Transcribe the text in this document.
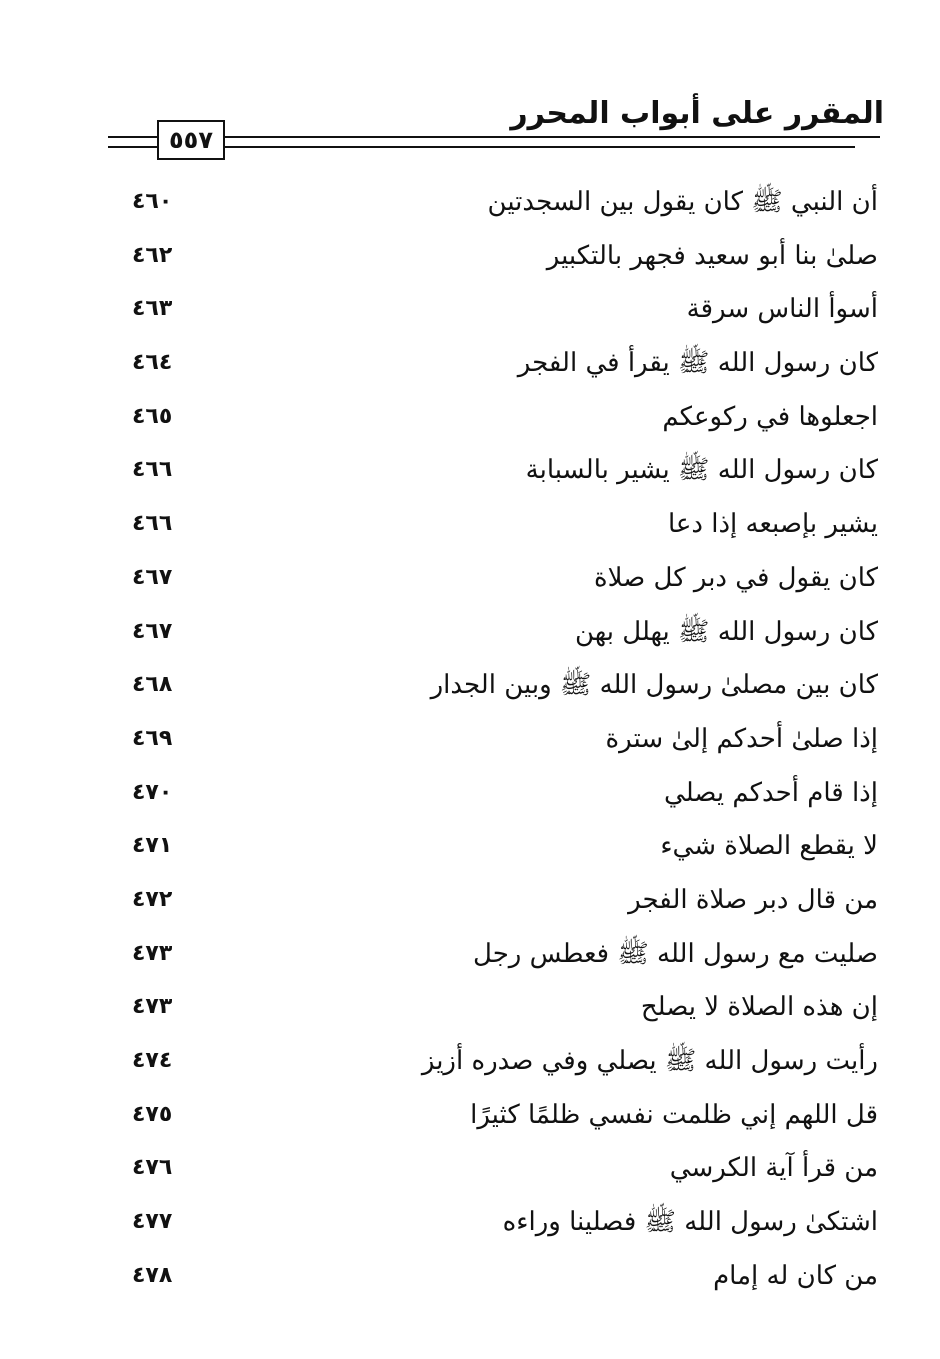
المقرر على أبواب المحرر
٥٥٧
أن النبي ﷺ كان يقول بين السجدتين
٤٦٠
صلىٰ بنا أبو سعيد فجهر بالتكبير
٤٦٢
أسوأ الناس سرقة
٤٦٣
كان رسول الله ﷺ يقرأ في الفجر
٤٦٤
اجعلوها في ركوعكم
٤٦٥
كان رسول الله ﷺ يشير بالسبابة
٤٦٦
يشير بإصبعه إذا دعا
٤٦٦
كان يقول في دبر كل صلاة
٤٦٧
كان رسول الله ﷺ يهلل بهن
٤٦٧
كان بين مصلىٰ رسول الله ﷺ وبين الجدار
٤٦٨
إذا صلىٰ أحدكم إلىٰ سترة
٤٦٩
إذا قام أحدكم يصلي
٤٧٠
لا يقطع الصلاة شيء
٤٧١
من قال دبر صلاة الفجر
٤٧٢
صليت مع رسول الله ﷺ فعطس رجل
٤٧٣
إن هذه الصلاة لا يصلح
٤٧٣
رأيت رسول الله ﷺ يصلي وفي صدره أزيز
٤٧٤
قل اللهم إني ظلمت نفسي ظلمًا كثيرًا
٤٧٥
من قرأ آية الكرسي
٤٧٦
اشتكىٰ رسول الله ﷺ فصلينا وراءه
٤٧٧
من كان له إمام
٤٧٨
